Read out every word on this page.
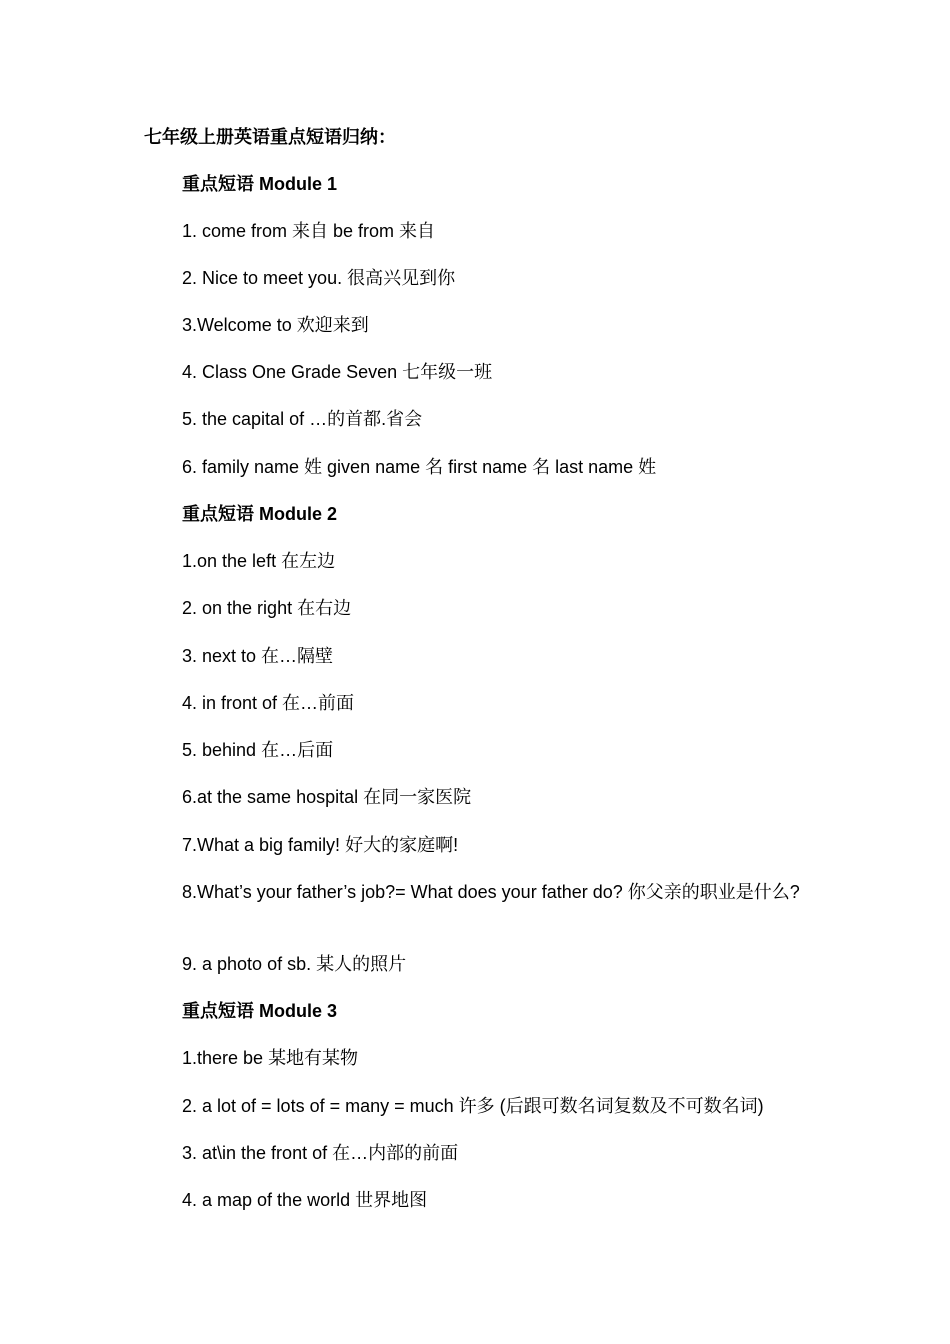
七年级上册英语重点短语归纳：
重点短语 Module 1
1. come from 来自 be from 来自
2. Nice to meet you. 很高兴见到你
3.Welcome to 欢迎来到
4. Class One Grade Seven 七年级一班
5. the capital of …的首都.省会
6. family name 姓 given name 名 first name 名 last name 姓
重点短语 Module 2
1.on the left 在左边
2. on the right 在右边
3. next to 在…隔壁
4. in front of 在…前面
5. behind 在…后面
6.at the same hospital 在同一家医院
7.What a big family! 好大的家庭啊!
8.What’s your father’s job?= What does your father do? 你父亲的职业是什么?
9. a photo of sb. 某人的照片
重点短语 Module 3
1.there be 某地有某物
2. a lot of = lots of = many = much 许多 (后跟可数名词复数及不可数名词)
3. at\in the front of 在…内部的前面
4. a map of the world 世界地图
